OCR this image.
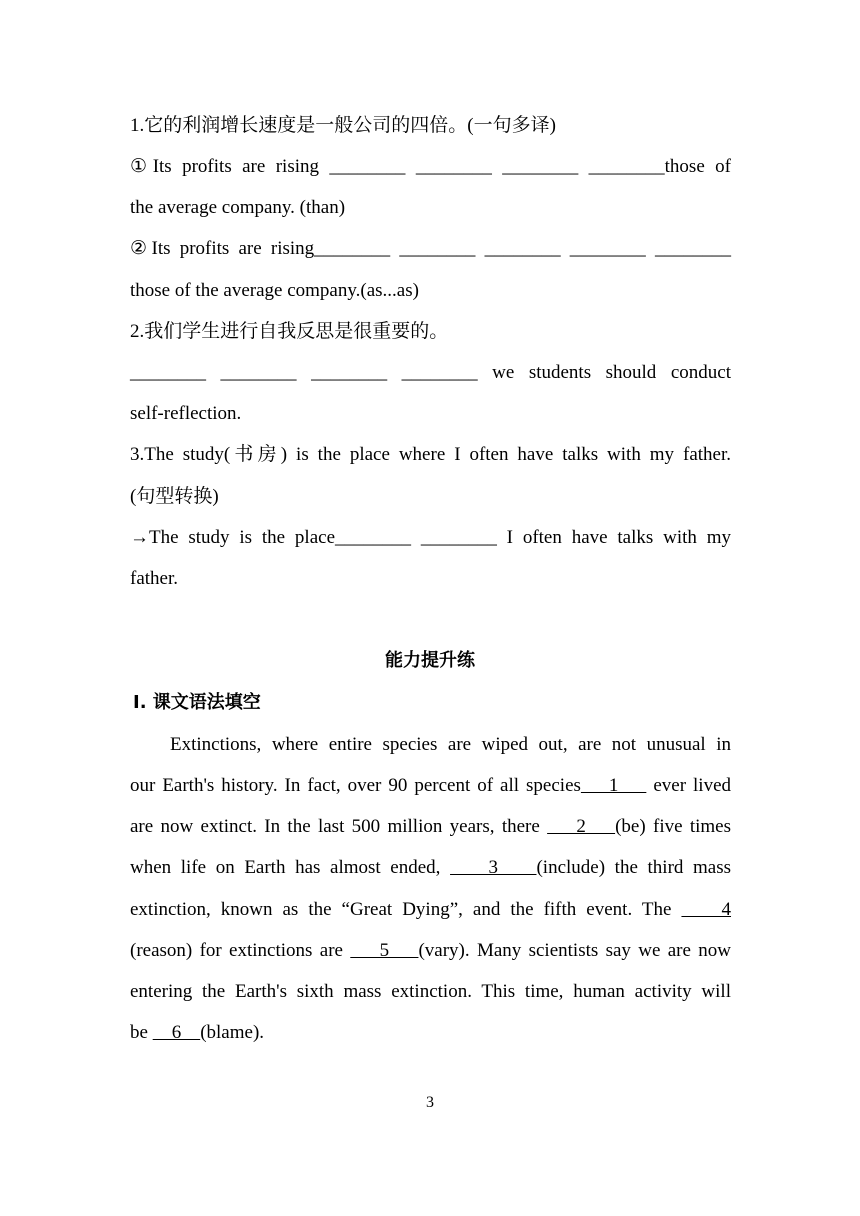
1.它的利润增长速度是一般公司的四倍。(一句多译)
①Its profits are rising ________ ________ ________ ________those of
the average company. (than)
②Its profits are rising________ ________ ________ ________ ________
those of the average company.(as...as)
2.我们学生进行自我反思是很重要的。
________ ________ ________ ________ we students should conduct
self-reflection.
3.The study(书房) is the place where I often have talks with my father.
(句型转换)
→The study is the place________ ________ I often have talks with my
father.
能力提升练
Ⅰ. 课文语法填空
Extinctions, where entire species are wiped out, are not unusual in
our Earth's history. In fact, over 90 percent of all species    1     ever lived
are now extinct. In the last 500 million years, there     2    (be) five times
when life on Earth has almost ended,     3    (include) the third mass
extinction, known as the “Great Dying”, and the fifth event. The     4
(reason) for extinctions are     5    (vary). Many scientists say we are now
entering the Earth's sixth mass extinction. This time, human activity will
be     6    (blame).
3
